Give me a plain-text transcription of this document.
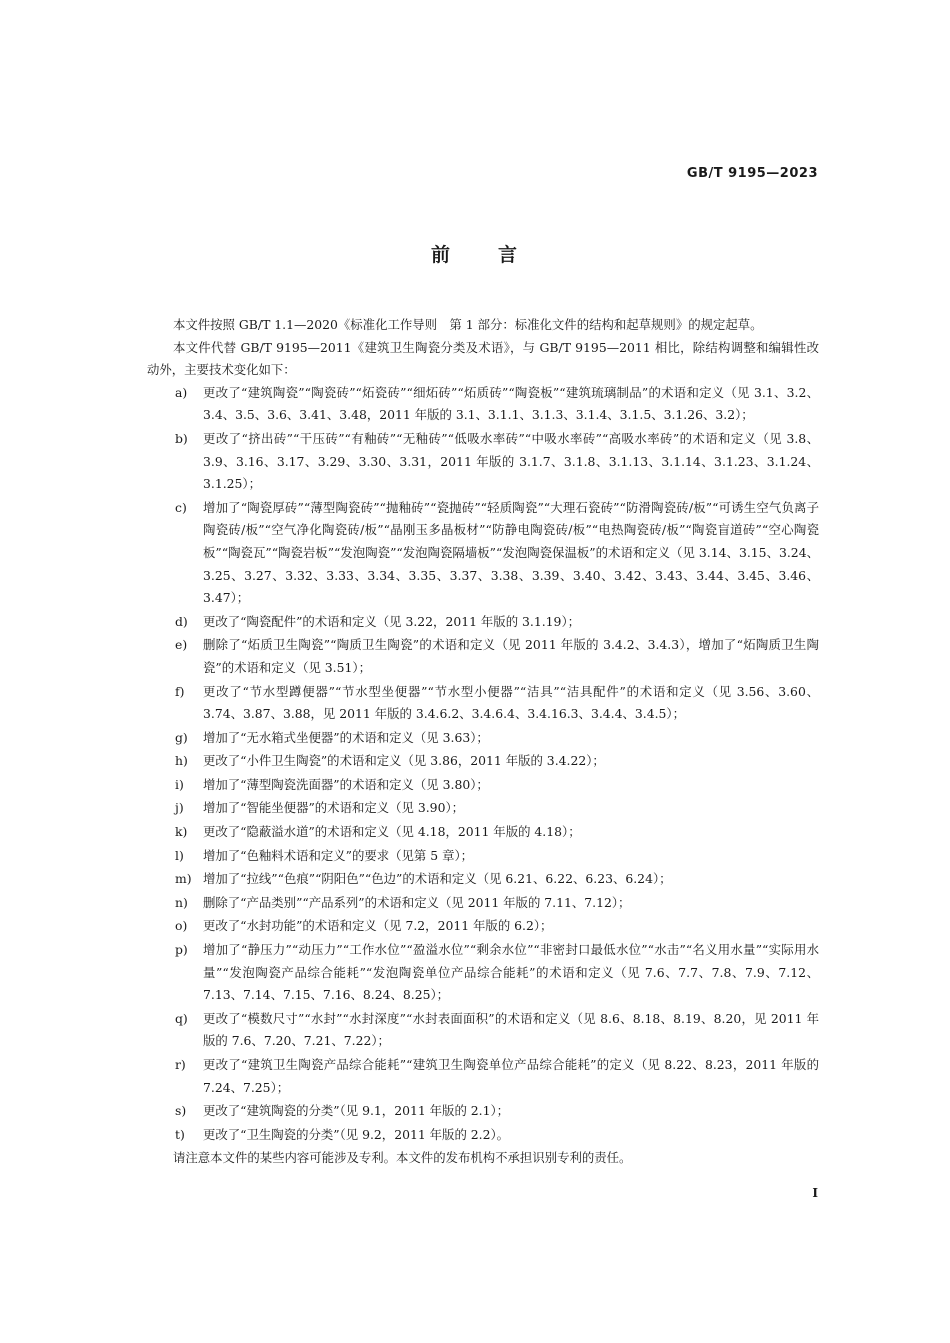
GB/T 9195—2023
前 言

本文件按照 GB/T 1.1—2020《标准化工作导则　第 1 部分：标准化文件的结构和起草规则》的规定起草。

本文件代替 GB/T 9195—2011《建筑卫生陶瓷分类及术语》，与 GB/T 9195—2011 相比，除结构调整和编辑性改动外，主要技术变化如下：

a)	更改了“建筑陶瓷”“陶瓷砖”“炻瓷砖”“细炻砖”“炻质砖”“陶瓷板”“建筑琉璃制品”的术语和定义（见 3.1、3.2、3.4、3.5、3.6、3.41、3.48，2011 年版的 3.1、3.1.1、3.1.3、3.1.4、3.1.5、3.1.26、3.2）；
b)	更改了“挤出砖”“干压砖”“有釉砖”“无釉砖”“低吸水率砖”“中吸水率砖”“高吸水率砖”的术语和定义（见 3.8、3.9、3.16、3.17、3.29、3.30、3.31，2011 年版的 3.1.7、3.1.8、3.1.13、3.1.14、3.1.23、3.1.24、3.1.25）；
c)	增加了“陶瓷厚砖”“薄型陶瓷砖”“抛釉砖”“瓷抛砖”“轻质陶瓷”“大理石瓷砖”“防滑陶瓷砖/板”“可诱生空气负离子陶瓷砖/板”“空气净化陶瓷砖/板”“晶刚玉多晶板材”“防静电陶瓷砖/板”“电热陶瓷砖/板”“陶瓷盲道砖”“空心陶瓷板”“陶瓷瓦”“陶瓷岩板”“发泡陶瓷”“发泡陶瓷隔墙板”“发泡陶瓷保温板”的术语和定义（见 3.14、3.15、3.24、3.25、3.27、3.32、3.33、3.34、3.35、3.37、3.38、3.39、3.40、3.42、3.43、3.44、3.45、3.46、3.47）；
d)	更改了“陶瓷配件”的术语和定义（见 3.22，2011 年版的 3.1.19）；
e)	删除了“炻质卫生陶瓷”“陶质卫生陶瓷”的术语和定义（见 2011 年版的 3.4.2、3.4.3），增加了“炻陶质卫生陶瓷”的术语和定义（见 3.51）；
f)	更改了“节水型蹲便器”“节水型坐便器”“节水型小便器”“洁具”“洁具配件”的术语和定义（见 3.56、3.60、3.74、3.87、3.88，见 2011 年版的 3.4.6.2、3.4.6.4、3.4.16.3、3.4.4、3.4.5）；
g)	增加了“无水箱式坐便器”的术语和定义（见 3.63）；
h)	更改了“小件卫生陶瓷”的术语和定义（见 3.86，2011 年版的 3.4.22）；
i)	增加了“薄型陶瓷洗面器”的术语和定义（见 3.80）；
j)	增加了“智能坐便器”的术语和定义（见 3.90）；
k)	更改了“隐蔽溢水道”的术语和定义（见 4.18，2011 年版的 4.18）；
l)	增加了“色釉料术语和定义”的要求（见第 5 章）；
m) 增加了“拉线”“色痕”“阴阳色”“色边”的术语和定义（见 6.21、6.22、6.23、6.24）；
n)	删除了“产品类别”“产品系列”的术语和定义（见 2011 年版的 7.11、7.12）；
o)	更改了“水封功能”的术语和定义（见 7.2，2011 年版的 6.2）；
p)	增加了“静压力”“动压力”“工作水位”“盈溢水位”“剩余水位”“非密封口最低水位”“水击”“名义用水量”“实际用水量”“发泡陶瓷产品综合能耗”“发泡陶瓷单位产品综合能耗”的术语和定义（见 7.6、7.7、7.8、7.9、7.12、7.13、7.14、7.15、7.16、8.24、8.25）；
q)	更改了“模数尺寸”“水封”“水封深度”“水封表面面积”的术语和定义（见 8.6、8.18、8.19、8.20，见 2011 年版的 7.6、7.20、7.21、7.22）；
r)	更改了“建筑卫生陶瓷产品综合能耗”“建筑卫生陶瓷单位产品综合能耗”的定义（见 8.22、8.23，2011 年版的 7.24、7.25）；
s)	更改了“建筑陶瓷的分类”（见 9.1，2011 年版的 2.1）；
t)	更改了“卫生陶瓷的分类”（见 9.2，2011 年版的 2.2）。

请注意本文件的某些内容可能涉及专利。本文件的发布机构不承担识别专利的责任。

I
